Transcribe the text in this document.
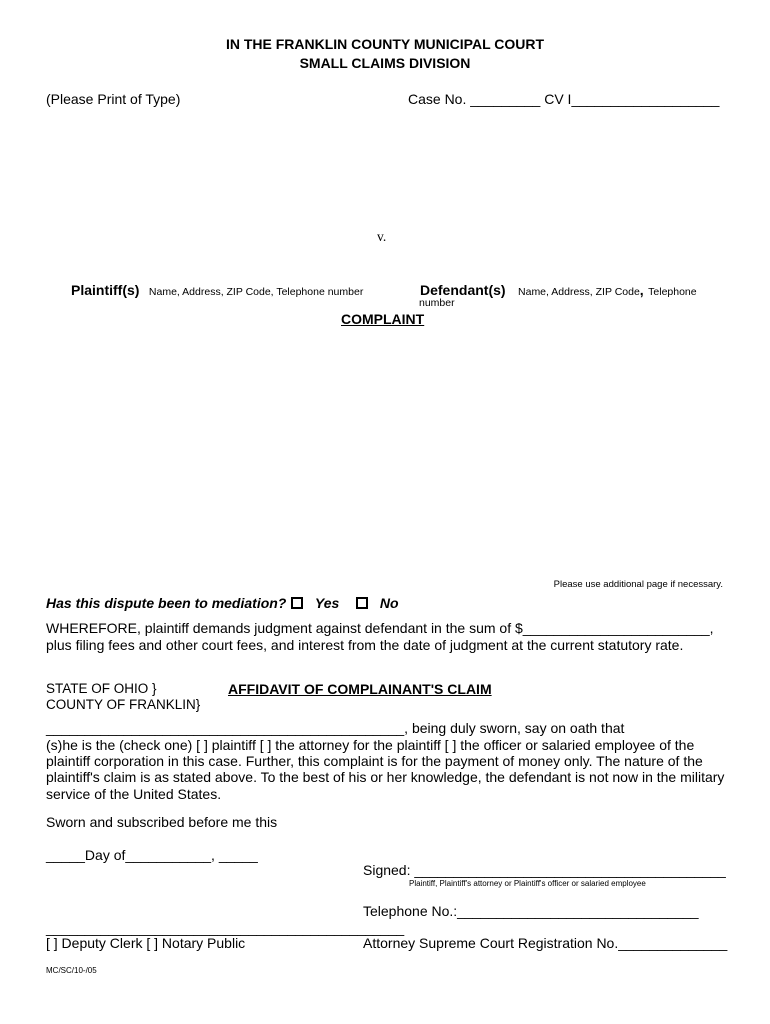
IN THE FRANKLIN COUNTY MUNICIPAL COURT
SMALL CLAIMS DIVISION
(Please Print of Type)	Case No. _________ CV I___________________
v.
Plaintiff(s) Name, Address, ZIP Code, Telephone number	Defendant(s) Name, Address, ZIP Code, Telephone
number
COMPLAINT
Please use additional page if necessary.
Has this dispute been to mediation?	Yes	No
WHEREFORE, plaintiff demands judgment against defendant in the sum of $________________________,
plus filing fees and other court fees, and interest from the date of judgment at the current statutory rate.
STATE OF OHIO }
COUNTY OF FRANKLIN}
AFFIDAVIT OF COMPLAINANT'S CLAIM
______________________________________________, being duly sworn, say on oath that
(s)he is the (check one) [ ] plaintiff [ ] the attorney for the plaintiff [ ] the officer or salaried employee of the
plaintiff corporation in this case. Further, this complaint is for the payment of money only. The nature of the
plaintiff's claim is as stated above. To the best of his or her knowledge, the defendant is not now in the military
service of the United States.
Sworn and subscribed before me this
_____Day of___________, _____
Signed: ________________________________________
Plaintiff, Plaintiff's attorney or Plaintiff's officer or salaried employee
Telephone No.:_______________________________
______________________________________________
[ ] Deputy Clerk [ ] Notary Public	Attorney Supreme Court Registration No.______________
MC/SC/10-/05
